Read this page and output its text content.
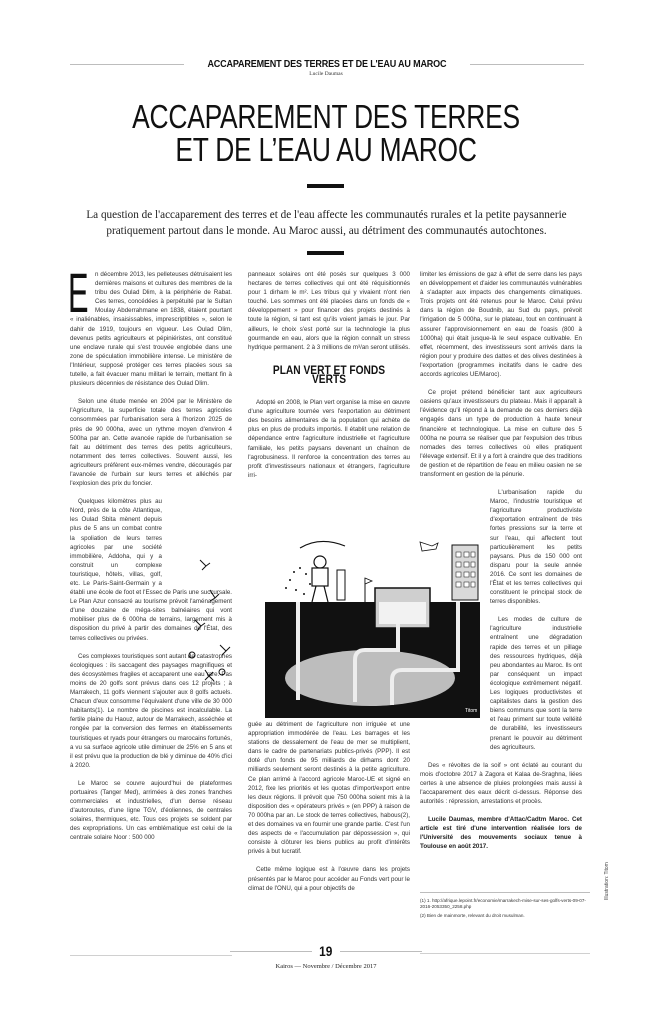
ACCAPAREMENT DES TERRES ET DE L'EAU AU MAROC
Lucile Daumas
ACCAPAREMENT DES TERRES
ET DE L’EAU AU MAROC
La question de l'accaparement des terres et de l'eau affecte les communautés rurales et la petite paysannerie pratiquement partout dans le monde. Au Maroc aussi, au détriment des communautés autochtones.

E n décembre 2013, les pelleteuses détruisaient les dernières maisons et cultures des membres de la tribu des Oulad Dlim, à la périphérie de Rabat. Ces terres, concédées à perpétuité par le Sultan Moulay Abderrahmane en 1838, étaient pourtant « inaliénables, insaisissables, imprescriptibles », selon le dahir de 1919, toujours en vigueur. Les Oulad Dlim, devenus petits agriculteurs et pépiniéristes, ont constitué une enclave rurale qui s'est trouvée englobée dans une zone de spéculation immobilière intense. Le ministère de l'Intérieur, supposé protéger ces terres placées sous sa tutelle, a fait évacuer manu militari le terrain, mettant fin à plusieurs décennies de résistance des Oulad Dlim.

Selon une étude menée en 2004 par le Ministère de l'Agriculture, la superficie totale des terres agricoles consommées par l'urbanisation sera à l'horizon 2025 de près de 90 000ha, avec un rythme moyen d'environ 4 500ha par an. Cette avancée rapide de l'urbanisation se fait au détriment des terres des petits agriculteurs, notamment des terres collectives. Souvent aussi, les agriculteurs préfèrent eux-mêmes vendre, découragés par l'avancée de l'urbain sur leurs terres et alléchés par l'explosion des prix du foncier.

Quelques kilomètres plus au Nord, près de la côte Atlantique, les Oulad Sbita mènent depuis plus de 5 ans un combat contre la spoliation de leurs terres agricoles par une société immobilière, Addoha, qui y a construit un complexe touristique, hôtels, villas, golf, etc. Le Paris-Saint-Germain y a établi une école de foot et l'Essec de Paris une succursale. Le Plan Azur consacré au tourisme prévoit l'aménagement d'une douzaine de méga-sites balnéaires qui vont mobiliser plus de 6 000ha de terrains, largement mis à disposition du privé à partir des domaines de l'État, des terres collectives ou privées.

Ces complexes touristiques sont autant de catastrophes écologiques : ils saccagent des paysages magnifiques et des écosystèmes fragiles et accaparent une eau rare. Pas moins de 20 golfs sont prévus dans ces 12 projets ; à Marrakech, 11 golfs viennent s'ajouter aux 8 golfs actuels. Chacun d'eux consomme l'équivalent d'une ville de 30 000 habitants(1). Le nombre de piscines est incalculable. La fertile plaine du Haouz, autour de Marrakech, asséchée et rongée par la conversion des fermes en établissements touristiques et ryads pour étrangers ou marocains fortunés, a vu sa surface agricole utile diminuer de 25% en 5 ans et il est prévu que la production de blé y diminue de 40% d'ici à 2020.

Le Maroc se couvre aujourd'hui de plateformes portuaires (Tanger Med), arrimées à des zones franches commerciales et industrielles, d'un dense réseau d'autoroutes, d'une ligne TGV, d'éoliennes, de centrales solaires, thermiques, etc. Tous ces projets se soldent par des expropriations. Un cas emblématique est celui de la centrale solaire Noor : 500 000

panneaux solaires ont été posés sur quelques 3 000 hectares de terres collectives qui ont été réquisitionnés pour 1 dirham le m². Les tribus qui y vivaient n'ont rien touché. Les sommes ont été placées dans un fonds de « développement » pour financer des projets destinés à toute la région, si tant est qu'ils voient jamais le jour. Par ailleurs, le choix s'est porté sur la technologie la plus gourmande en eau, alors que la région connaît un stress hydrique permanent. 2 à 3 millions de m³/an seront utilisés.

PLAN VERT ET FONDS VERTS

Adopté en 2008, le Plan vert organise la mise en œuvre d'une agriculture tournée vers l'exportation au détriment des besoins alimentaires de la population qui achète de plus en plus de produits importés. Il établit une relation de dépendance entre l'agriculture industrielle et l'agriculture familiale, les petits paysans devenant un chaînon de l'agrobusiness. Il renforce la concentration des terres au profit d'investisseurs nationaux et étrangers, l'agriculture irri-

guée au détriment de l'agriculture non irriguée et une appropriation immodérée de l'eau. Les barrages et les stations de dessalement de l'eau de mer se multiplient, dans le cadre de partenariats publics-privés (PPP). Il est doté d'un fonds de 95 milliards de dirhams dont 20 milliards seulement seront destinés à la petite agriculture. Ce plan arrimé à l'accord agricole Maroc-UE et signé en 2012, fixe les priorités et les quotas d'import/export entre les deux régions. Il prévoit que 750 000ha soient mis à la disposition des « opérateurs privés » (en PPP) à raison de 70 000ha par an. Le stock de terres collectives, habous(2), et des domaines va en fournir une grande partie. C'est l'un des aspects de « l'accumulation par dépossession », qui consiste à clôturer les biens publics au profit d'intérêts privés à but lucratif.

Cette même logique est à l'œuvre dans les projets présentés par le Maroc pour accéder au Fonds vert pour le climat de l'ONU, qui a pour objectifs de

limiter les émissions de gaz à effet de serre dans les pays en développement et d'aider les communautés vulnérables à s'adapter aux impacts des changements climatiques. Trois projets ont été retenus pour le Maroc. Celui prévu dans la région de Boudnib, au Sud du pays, prévoit l'irrigation de 5 000ha, sur le plateau, tout en continuant à assurer l'approvisionnement en eau de l'oasis (800 à 1000ha) qui était jusque-là le seul espace cultivable. En effet, récemment, des investisseurs sont arrivés dans la région pour y produire des dattes et des olives destinées à l'exportation (programmes incitatifs dans le cadre des accords agricoles UE/Maroc).

Ce projet prétend bénéficier tant aux agriculteurs oasiens qu'aux investisseurs du plateau. Mais il apparaît à l'évidence qu'il répond à la demande de ces derniers déjà engagés dans un type de production à haute teneur financière et technologique. La mise en culture des 5 000ha ne pourra se réaliser que par l'expulsion des tribus nomades des terres collectives où elles pratiquent l'élevage extensif. Et il y a fort à craindre que des traditions de gestion et de répartition de l'eau en milieu oasien ne se transforment en gestion de la pénurie.

L'urbanisation rapide du Maroc, l'industrie touristique et l'agriculture productiviste d'exportation entraînent de très fortes pressions sur la terre et sur l'eau, qui affectent tout particulièrement les petits paysans. Plus de 150 000 ont disparu pour la seule année 2016. Ce sont les domaines de l'État et les terres collectives qui constituent le principal stock de terres disponibles.

Les modes de culture de l'agriculture industrielle entraînent une dégradation rapide des terres et un pillage des ressources hydriques, déjà peu abondantes au Maroc. Ils ont par conséquent un impact écologique extrêmement négatif. Les logiques productivistes et capitalistes dans la gestion des biens communs que sont la terre et l'eau priment sur toute velléité de durabilité, les investisseurs prenant le pouvoir au détriment des agriculteurs.

Des « révoltes de la soif » ont éclaté au courant du mois d'octobre 2017 à Zagora et Kalaa de-Sraghna, liées certes à une absence de pluies prolongées mais aussi à l'accaparement des eaux décrit ci-dessus. Réponse des autorités : répression, arrestations et procès.

Lucile Daumas, membre d'Attac/Cadtm Maroc. Cet article est tiré d'une intervention réalisée lors de l'Université des mouvements sociaux tenue à Toulouse en août 2017.

Titom

(1) 1. http://afrique.lepoint.fr/economie/marrakech-mise-sur-ses-golfs-verts-09-07-2016-2053350_2258.php

(2) Bien de mainmorte, relevant du droit musulman.

Illustration: Titom
19
Kairos — Novembre / Décembre 2017
